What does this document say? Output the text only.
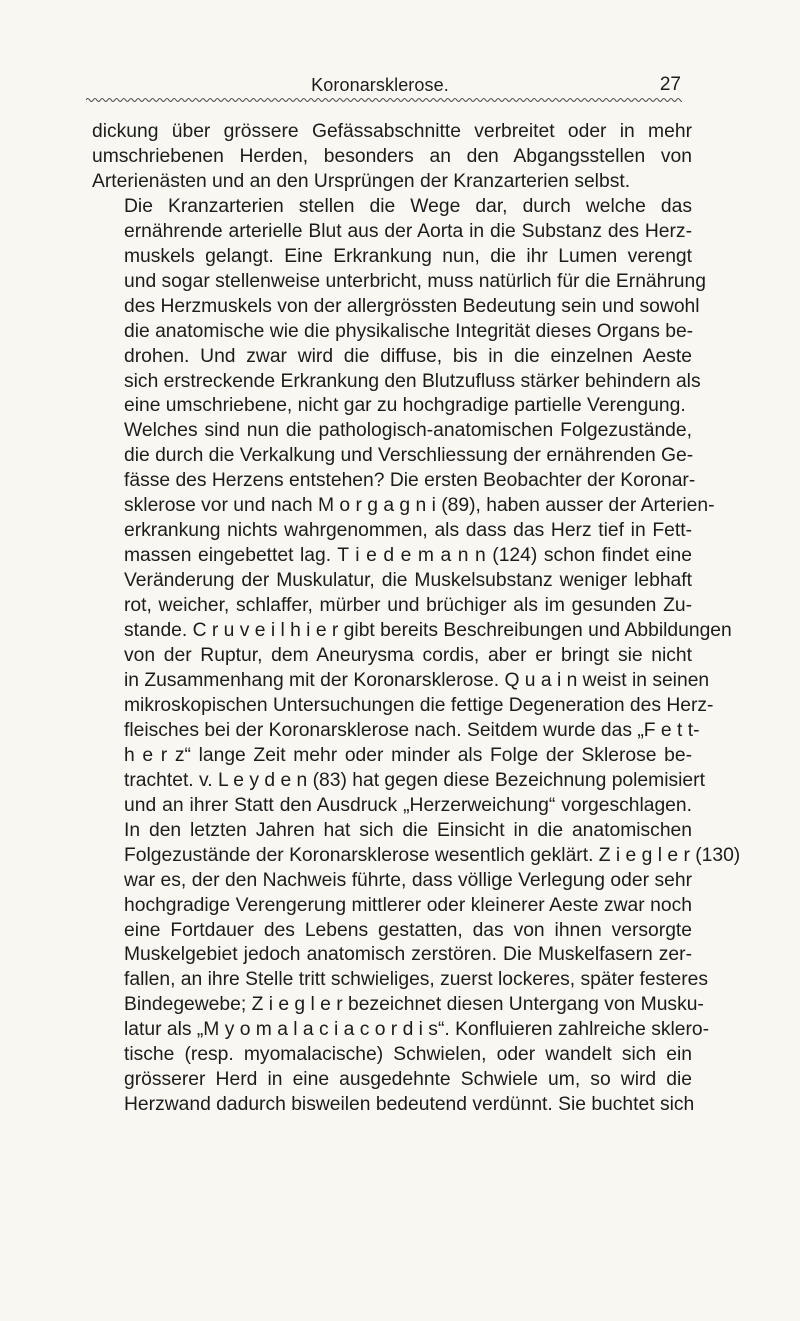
Koronarsklerose.	27

dickung über grössere Gefässabschnitte verbreitet oder in mehr
umschriebenen Herden, besonders an den Abgangsstellen von
Arterienästen und an den Ursprüngen der Kranzarterien selbst.

Die Kranzarterien stellen die Wege dar, durch welche das
ernährende arterielle Blut aus der Aorta in die Substanz des Herz-
muskels gelangt. Eine Erkrankung nun, die ihr Lumen verengt
und sogar stellenweise unterbricht, muss natürlich für die Ernährung
des Herzmuskels von der allergrössten Bedeutung sein und sowohl
die anatomische wie die physikalische Integrität dieses Organs be-
drohen. Und zwar wird die diffuse, bis in die einzelnen Aeste
sich erstreckende Erkrankung den Blutzufluss stärker behindern als
eine umschriebene, nicht gar zu hochgradige partielle Verengung.

Welches sind nun die pathologisch-anatomischen Folgezustände,
die durch die Verkalkung und Verschliessung der ernährenden Ge-
fässe des Herzens entstehen? Die ersten Beobachter der Koronar-
sklerose vor und nach M o r g a g n i (89), haben ausser der Arterien-
erkrankung nichts wahrgenommen, als dass das Herz tief in Fett-
massen eingebettet lag. T i e d e m a n n (124) schon findet eine
Veränderung der Muskulatur, die Muskelsubstanz weniger lebhaft
rot, weicher, schlaffer, mürber und brüchiger als im gesunden Zu-
stande. C r u v e i l h i e r gibt bereits Beschreibungen und Abbildungen
von der Ruptur, dem Aneurysma cordis, aber er bringt sie nicht
in Zusammenhang mit der Koronarsklerose. Q u a i n weist in seinen
mikroskopischen Untersuchungen die fettige Degeneration des Herz-
fleisches bei der Koronarsklerose nach. Seitdem wurde das „F e t t-
h e r z“ lange Zeit mehr oder minder als Folge der Sklerose be-
trachtet. v. L e y d e n (83) hat gegen diese Bezeichnung polemisiert
und an ihrer Statt den Ausdruck „Herzerweichung“ vorgeschlagen.
In den letzten Jahren hat sich die Einsicht in die anatomischen
Folgezustände der Koronarsklerose wesentlich geklärt. Z i e g l e r (130)
war es, der den Nachweis führte, dass völlige Verlegung oder sehr
hochgradige Verengerung mittlerer oder kleinerer Aeste zwar noch
eine Fortdauer des Lebens gestatten, das von ihnen versorgte
Muskelgebiet jedoch anatomisch zerstören. Die Muskelfasern zer-
fallen, an ihre Stelle tritt schwieliges, zuerst lockeres, später festeres
Bindegewebe; Z i e g l e r bezeichnet diesen Untergang von Musku-
latur als „M y o m a l a c i a c o r d i s“. Konfluieren zahlreiche sklero-
tische (resp. myomalacische) Schwielen, oder wandelt sich ein
grösserer Herd in eine ausgedehnte Schwiele um, so wird die
Herzwand dadurch bisweilen bedeutend verdünnt. Sie buchtet sich
